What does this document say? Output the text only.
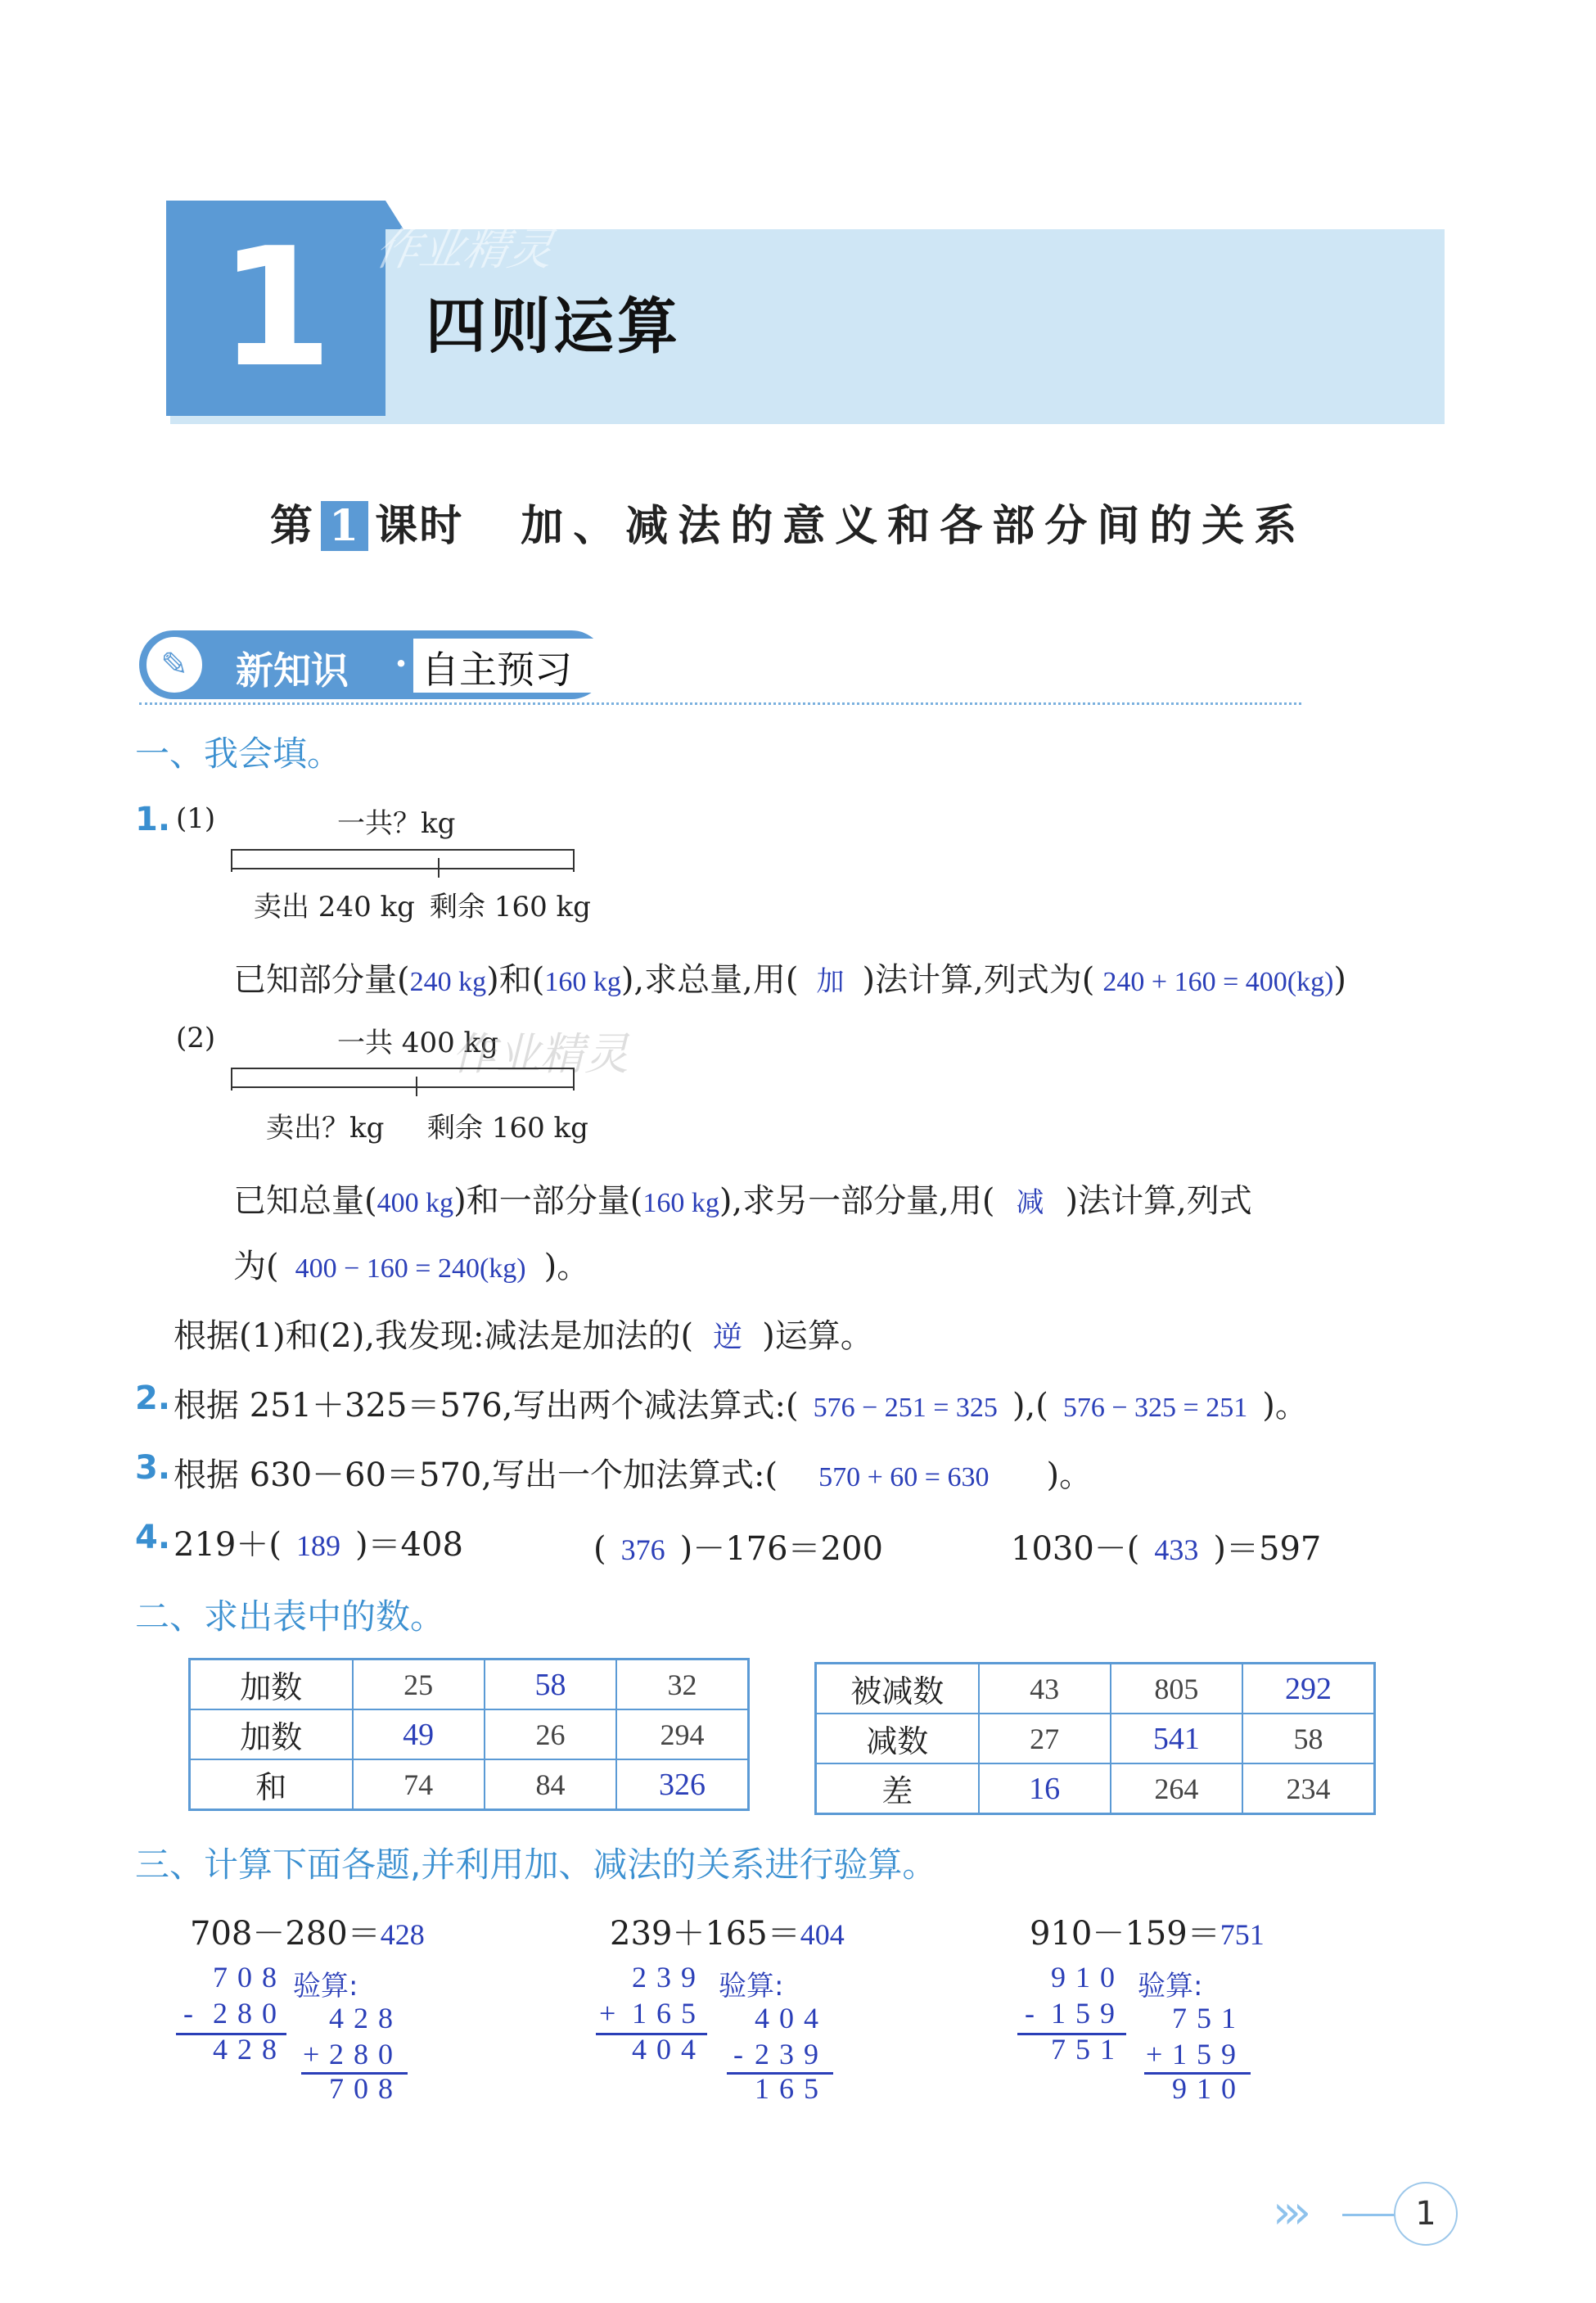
1 作业精灵
四则运算
第 1 课时 加、减法的意义和各部分间的关系
✎	新知识 · 自主预习
一、我会填。
1. (1)	一共？kg
卖出 240 kg 剩余 160 kg
已知部分量(240 kg)和(160 kg),求总量,用( 加 )法计算,列式为( 240 + 160 = 400(kg))
(2)	一共 400 kg
作业精灵
卖出？kg 剩余 160 kg
已知总量(400 kg)和一部分量(160 kg),求另一部分量,用( 减 )法计算,列式
为( 400 − 160 = 240(kg) )。
根据(1)和(2),我发现:减法是加法的( 逆 )运算。
2. 根据 251＋325＝576,写出两个减法算式:( 576 − 251 = 325 ),( 576 − 325 = 251 )。
3. 根据 630－60＝570,写出一个加法算式:( 570 + 60 = 630 )。
4. 219＋( 189 )＝408	( 376 )－176＝200	1030－( 433 )＝597
二、求出表中的数。
加数	25	58	32
加数	49	26	294
和	74	84	326
被减数	43	805	292
减数	27	541	58
差	16	264	234
三、计算下面各题,并利用加、减法的关系进行验算。
708－280＝428
708
- 280
428
验算:
428
+ 280
708
239＋165＝404
239
+ 165
404
验算:
404
- 239
165
910－159＝751
910
- 159
751
验算:
751
+ 159
910
›››	1
